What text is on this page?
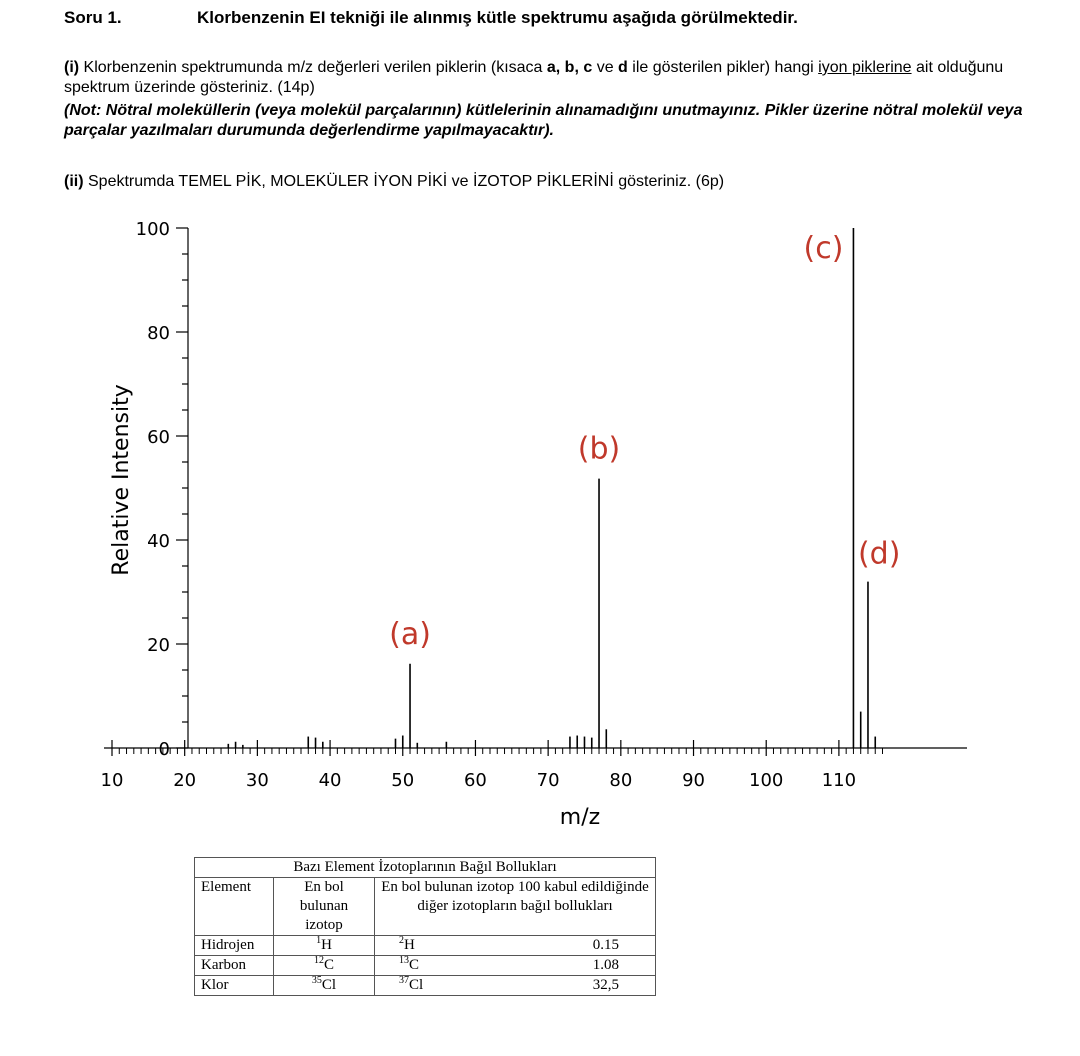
Soru 1.	Klorbenzenin EI tekniği ile alınmış kütle spektrumu aşağıda görülmektedir.
(i) Klorbenzenin spektrumunda m/z değerleri verilen piklerin (kısaca a, b, c ve d ile gösterilen pikler) hangi iyon piklerine ait olduğunu spektrum üzerinde gösteriniz. (14p)
(Not: Nötral moleküllerin (veya molekül parçalarının) kütlelerinin alınamadığını unutmayınız. Pikler üzerine nötral molekül veya parçalar yazılmaları durumunda değerlendirme yapılmayacaktır).
(ii) Spektrumda TEMEL PİK, MOLEKÜLER İYON PİKİ ve İZOTOP PİKLERİNİ gösteriniz. (6p)
10	20	30	40	50	60	70	80	90 100 110
0
20
40
60
80
100
(a)
(b)
(c)
(d)
Relative Intensity
m/z
Bazı Element İzotoplarının Bağıl Bollukları		
Element	En bol bulunan izotop	En bol bulunan izotop 100 kabul edildiğinde diğer izotopların bağıl bollukları
Hidrojen	$^1$H	$^2$H 0.15

Karbon	$^{12}$C	$^{13}$C 1.08

Klor	$^{35}$Cl	$^{37}$Cl 32,5
